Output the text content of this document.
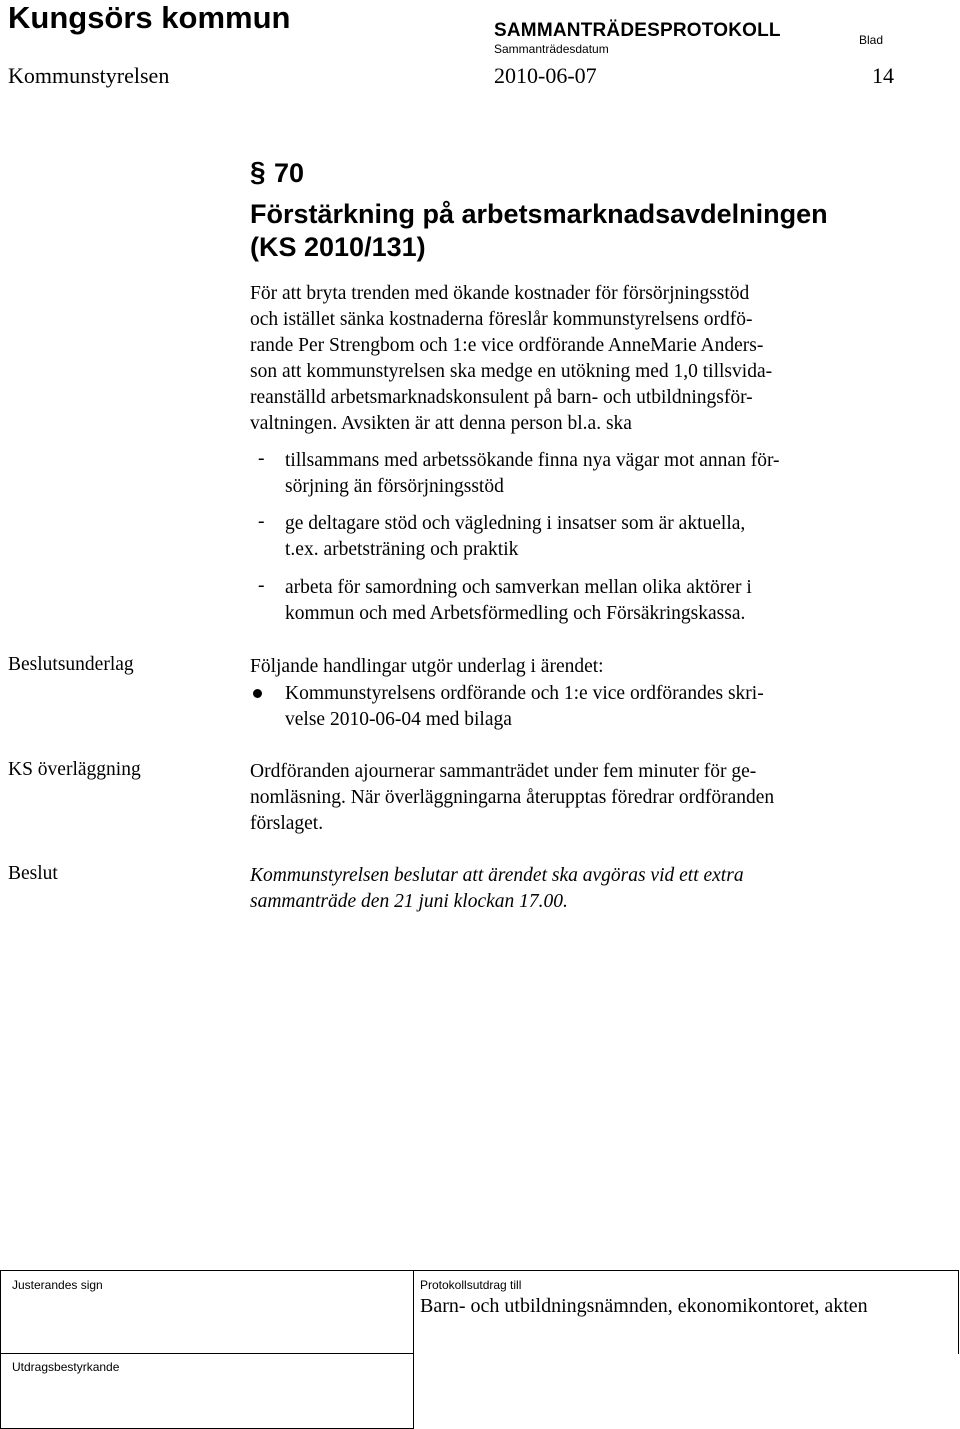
Kungsörs kommun	SAMMANTRÄDESPROTOKOLL
Sammanträdesdatum
Blad
Kommunstyrelsen	2010-06-07	14
§ 70
Förstärkning på arbetsmarknadsavdelningen
(KS 2010/131)
För att bryta trenden med ökande kostnader för försörjningsstöd
och istället sänka kostnaderna föreslår kommunstyrelsens ordfö-
rande Per Strengbom och 1:e vice ordförande AnneMarie Anders-
son att kommunstyrelsen ska medge en utökning med 1,0 tillsvida-
reanställd arbetsmarknadskonsulent på barn- och utbildningsför-
valtningen. Avsikten är att denna person bl.a. ska
- tillsammans med arbetssökande finna nya vägar mot annan för-
sörjning än försörjningsstöd
- ge deltagare stöd och vägledning i insatser som är aktuella,
t.ex. arbetsträning och praktik
- arbeta för samordning och samverkan mellan olika aktörer i
kommun och med Arbetsförmedling och Försäkringskassa.
Beslutsunderlag	Följande handlingar utgör underlag i ärendet:
Kommunstyrelsens ordförande och 1:e vice ordförandes skri-
velse 2010-06-04 med bilaga
KS överläggning	Ordföranden ajournerar sammanträdet under fem minuter för ge-
nomläsning. När överläggningarna återupptas föredrar ordföranden
förslaget.
Beslut	Kommunstyrelsen beslutar att ärendet ska avgöras vid ett extra
sammanträde den 21 juni klockan 17.00.
Justerandes sign	Protokollsutdrag till
Barn- och utbildningsnämnden, ekonomikontoret, akten
Utdragsbestyrkande
